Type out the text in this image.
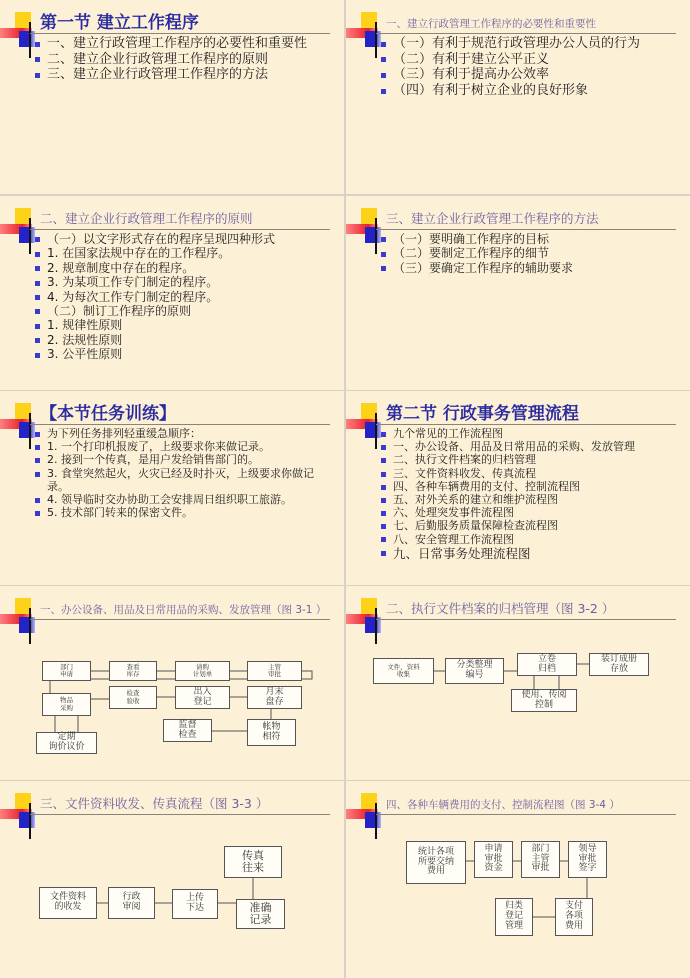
第一节 建立工作程序
一、建立行政管理工作程序的必要性和重要性
二、建立企业行政管理工作程序的原则
三、建立企业行政管理工作程序的方法
一、建立行政管理工作程序的必要性和重要性
（一）有利于规范行政管理办公人员的行为
（二）有利于建立公平正义
（三）有利于提高办公效率
（四）有利于树立企业的良好形象
二、建立企业行政管理工作程序的原则
（一）以文字形式存在的程序呈现四种形式
1. 在国家法规中存在的工作程序。
2. 规章制度中存在的程序。
3. 为某项工作专门制定的程序。
4. 为每次工作专门制定的程序。
（二）制订工作程序的原则
1. 规律性原则
2. 法规性原则
3. 公平性原则
三、建立企业行政管理工作程序的方法
（一）要明确工作程序的目标
（二）要制定工作程序的细节
（三）要确定工作程序的辅助要求
【本节任务训练】
为下列任务排列轻重缓急顺序：
1. 一个打印机报废了，上级要求你来做记录。
2. 接到一个传真，是用户发给销售部门的。
3. 食堂突然起火，火灾已经及时扑灭，上级要求你做记录。
4. 领导临时交办协助工会安排周日组织职工旅游。
5. 技术部门转来的保密文件。
第二节 行政事务管理流程
九个常见的工作流程图
一、办公设备、用品及日常用品的采购、发放管理
二、执行文件档案的归档管理
三、文件资料收发、传真流程
四、各种车辆费用的支付、控制流程图
五、对外关系的建立和维护流程图
六、处理突发事件流程图
七、后勤服务质量保障检查流程图
八、安全管理工作流程图
九、日常事务处理流程图
一、办公设备、用品及日常用品的采购、发放管理（图 3-1 ）
部门
申请
查看
库存
请购
计划单
主管
审批
物品
采购
检查
验收
出入
登记
月末
盘存
监督
检查
帐物
相符
定期
询价议价
二、执行文件档案的归档管理（图 3-2 ）
文件、资料
收集
分类整理
编号
立卷
归档
装订成册
存放
使用、传阅
控制
三、文件资料收发、传真流程（图 3-3 ）
文件资料
的收发
行政
审阅
上传
下达	准确
记录
传真
往来
四、各种车辆费用的支付、控制流程图（图 3-4 ）
统计各项
所要交纳
费用
申请
审批
资金
部门
主管
审批
领导
审批
签字
支付
各项
费用
归类
登记
管理
